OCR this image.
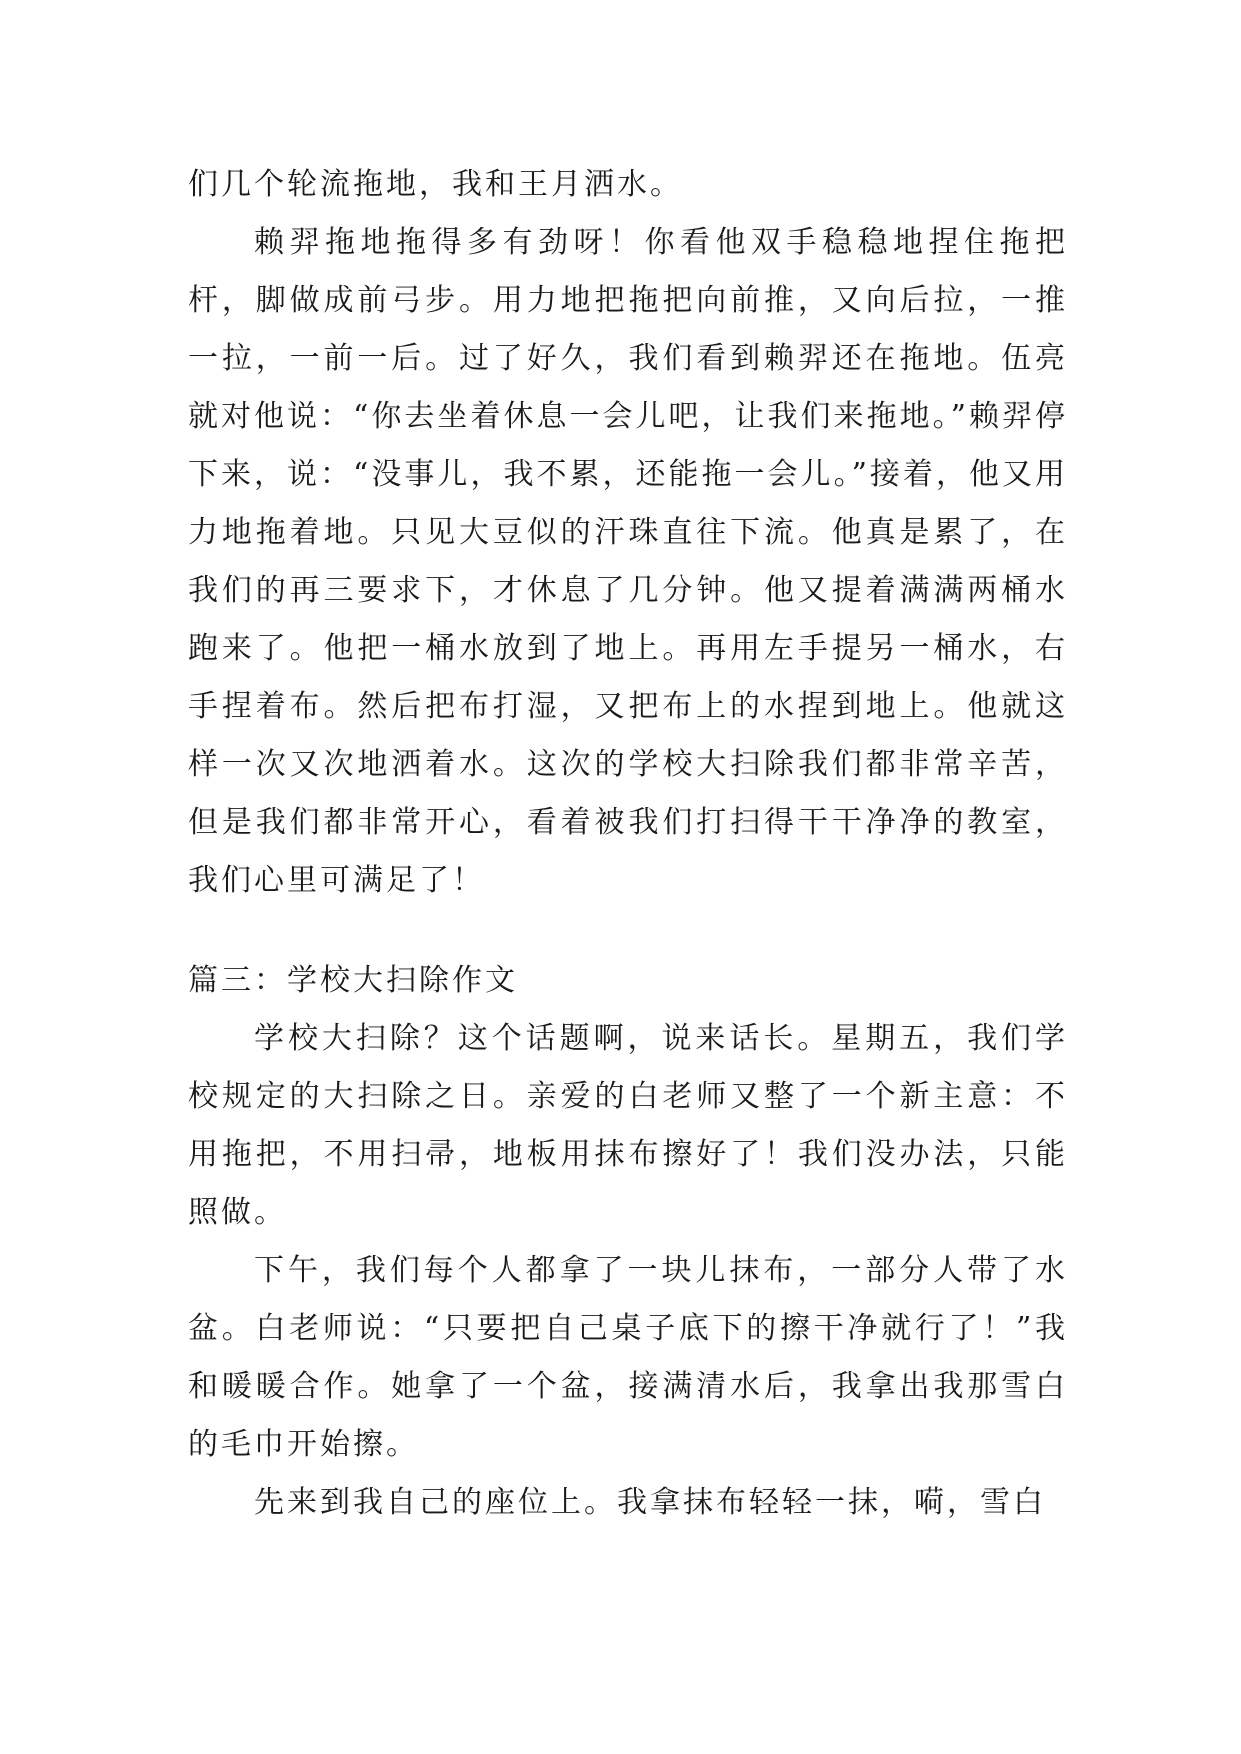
们几个轮流拖地，我和王月洒水。

赖羿拖地拖得多有劲呀！你看他双手稳稳地捏住拖把杆，脚做成前弓步。用力地把拖把向前推，又向后拉，一推一拉，一前一后。过了好久，我们看到赖羿还在拖地。伍亮就对他说：“你去坐着休息一会儿吧，让我们来拖地。”赖羿停下来，说：“没事儿，我不累，还能拖一会儿。”接着，他又用力地拖着地。只见大豆似的汗珠直往下流。他真是累了，在我们的再三要求下，才休息了几分钟。他又提着满满两桶水跑来了。他把一桶水放到了地上。再用左手提另一桶水，右手捏着布。然后把布打湿，又把布上的水捏到地上。他就这样一次又次地洒着水。这次的学校大扫除我们都非常辛苦，但是我们都非常开心，看着被我们打扫得干干净净的教室，我们心里可满足了！

篇三：学校大扫除作文

学校大扫除？这个话题啊，说来话长。星期五，我们学校规定的大扫除之日。亲爱的白老师又整了一个新主意：不用拖把，不用扫帚，地板用抹布擦好了！我们没办法，只能照做。

下午，我们每个人都拿了一块儿抹布，一部分人带了水盆。白老师说：“只要把自己桌子底下的擦干净就行了！”我和暖暖合作。她拿了一个盆，接满清水后，我拿出我那雪白的毛巾开始擦。

先来到我自己的座位上。我拿抹布轻轻一抹，嗬，雪白
